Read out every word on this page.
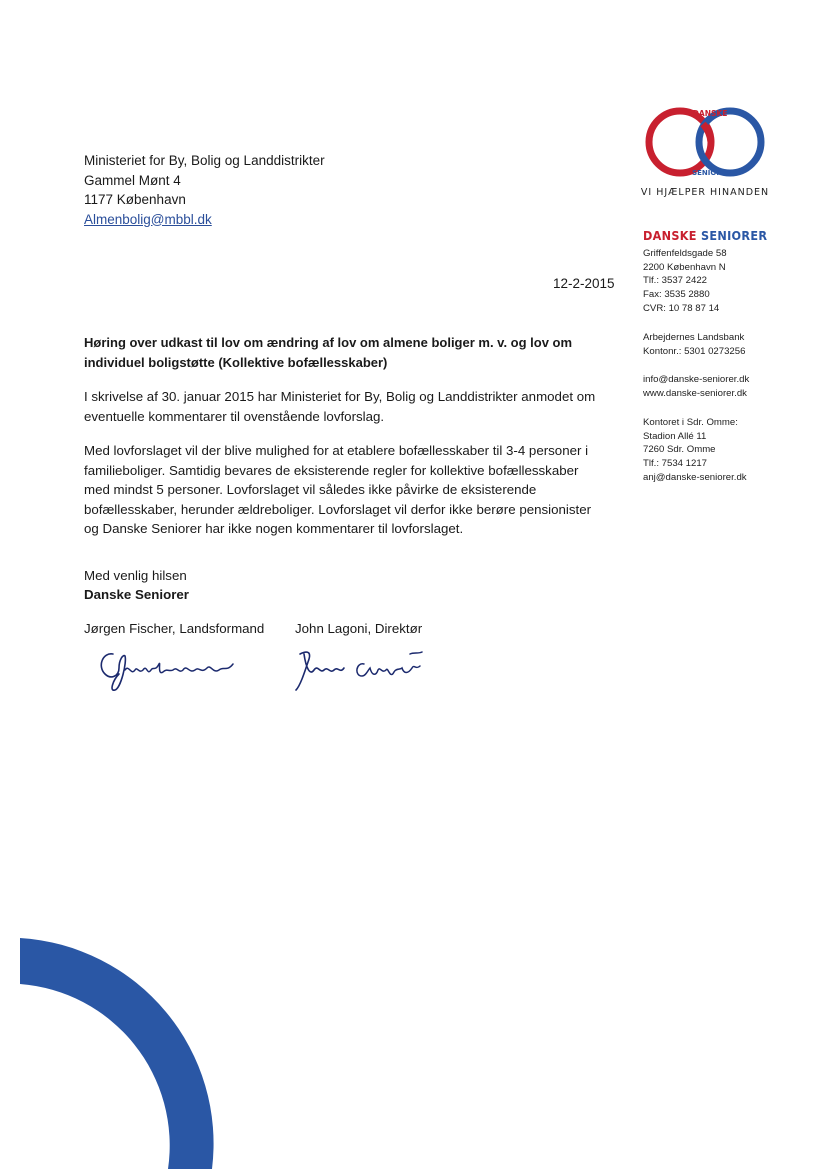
Ministeriet for By, Bolig og Landdistrikter
Gammel Mønt 4
1177 København
Almenbolig@mbbl.dk
12-2-2015
Høring over udkast til lov om ændring af lov om almene boliger m. v. og lov om
individuel boligstøtte (Kollektive bofællesskaber)
I skrivelse af 30. januar 2015 har Ministeriet for By, Bolig og Landdistrikter anmodet om
eventuelle kommentarer til ovenstående lovforslag.
Med lovforslaget vil der blive mulighed for at etablere bofællesskaber til 3-4 personer i
familieboliger. Samtidig bevares de eksisterende regler for kollektive bofællesskaber
med mindst 5 personer. Lovforslaget vil således ikke påvirke de eksisterende
bofællesskaber, herunder ældreboliger. Lovforslaget vil derfor ikke berøre pensionister
og Danske Seniorer har ikke nogen kommentarer til lovforslaget.
Med venlig hilsen
Danske Seniorer
Jørgen Fischer, Landsformand John Lagoni, Direktør
DANSKE
SENIORER
VI HJÆLPER HINANDEN
DANSKE SENIORER
Griffenfeldsgade 58
2200 København N
Tlf.: 3537 2422
Fax: 3535 2880
CVR: 10 78 87 14
Arbejdernes Landsbank
Kontonr.: 5301 0273256
info@danske-seniorer.dk
www.danske-seniorer.dk
Kontoret i Sdr. Omme:
Stadion Allé 11
7260 Sdr. Omme
Tlf.: 7534 1217
anj@danske-seniorer.dk
